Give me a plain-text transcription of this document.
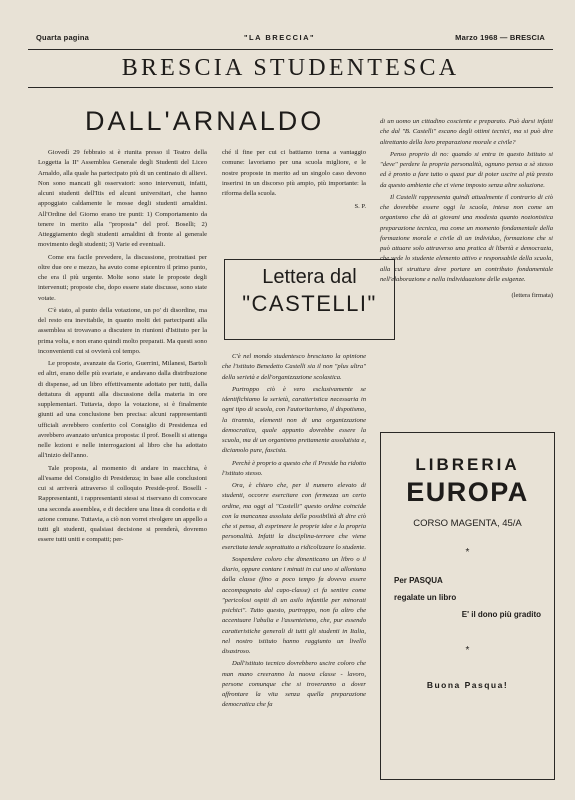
Quarta pagina	"LA BRECCIA"	Marzo 1968 — BRESCIA
BRESCIA STUDENTESCA
DALL'ARNALDO

Giovedì 29 febbraio si è riunita presso il Teatro della Loggetta la IIª Assemblea Generale degli Studenti del Liceo Arnaldo, alla quale ha partecipato più di un centinaio di allievi. Non sono mancati gli osservatori: sono intervenuti, infatti, alcuni studenti dell'Itis ed alcuni universitari, che hanno appoggiato caldamente le mosse degli studenti arnaldini. All'Ordine del Giorno erano tre punti: 1) Comportamento da tenere in merito alla "proposta" del prof. Boselli; 2) Atteggiamento degli studenti arnaldini di fronte al generale movimento degli studenti; 3) Varie ed eventuali.

Come era facile prevedere, la discussione, protrattasi per oltre due ore e mezzo, ha avuto come epicentro il primo punto, che era il più urgente. Molte sono state le proposte degli intervenuti; proposte che, dopo essere state discusse, sono state votate.

C'è stato, al punto della votazione, un po' di disordine, ma del resto era inevitabile, in quanto molti dei partecipanti alla assemblea si trovavano a discutere in riunioni d'Istituto per la prima volta, e non erano quindi molto preparati. Ma questi sono inconvenienti cui si ovvierà col tempo.

Le proposte, avanzate da Gorio, Guerrini, Milanesi, Bartoli ed altri, erano delle più svariate, e andavano dalla distribuzione di dispense, ad un libro effettivamente adottato per tutti, dalla dettatura di appunti alla discussione della materia in ore supplementari. Tuttavia, dopo la votazione, si è finalmente giunti ad una conclusione ben precisa: alcuni rappresentanti ufficiali avrebbero conferito col Consiglio di Presidenza ed avrebbero avanzato un'unica proposta: il prof. Boselli si attenga nelle lezioni e nelle interrogazioni al libro che ha adottato all'inizio dell'anno.

Tale proposta, al momento di andare in macchina, è all'esame del Consiglio di Presidenza; in base alle conclusioni cui si arriverà attraverso il colloquio Preside-prof. Boselli - Rappresentanti, i rappresentanti stessi si riservano di convocare una seconda assemblea, e di decidere una linea di condotta e di azione comune. Tuttavia, a ciò non vorrei rivolgere un appello a tutti gli studenti, qualsiasi decisione si prenderà, dovremo essere tutti uniti e compatti; per-

ché il fine per cui ci battiamo torna a vantaggio comune: lavoriamo per una scuola migliore, e le nostre proposte in merito ad un singolo caso devono inserirsi in un discorso più ampio, più importante: la riforma della scuola.

S. P.
Lettera dal
"CASTELLI"

C'è nel mondo studentesco bresciano la opinione che l'istituto Benedetto Castelli sia il non "plus ultra" della serietà e dell'organizzazione scolastica.

Purtroppo ciò è vero esclusivamente se identifichiamo la serietà, caratteristica necessaria in ogni tipo di scuola, con l'autoritarismo, il dispotismo, la tirannia, elementi non di una organizzazione democratica, quale appunto dovrebbe essere la scuola, ma di un organismo prettamente assolutista e, diciamolo pure, fascista.

Perchè è proprio a questo che il Preside ha ridotto l'istituto stesso.

Ora, è chiaro che, per il numero elevato di studenti, occorre esercitare con fermezza un certo ordine, ma oggi al "Castelli" questo ordine coincide con la mancanza assoluta della possibilità di dire ciò che si pensa, di esprimere le proprie idee e la propria personalità. Infatti la disciplina-terrore che viene esercitata tende soprattutto a ridicolizzare lo studente.

Sospendere coloro che dimenticano un libro o il diario, oppure contare i minuti in cui uno si allontana dalla classe (fino a poco tempo fa doveva essere accompagnato dal capo-classe) ci fa sentire come "pericolosi ospiti di un asilo infantile per minorati psichici". Tutto questo, purtroppo, non fa altro che accentuare l'abulia e l'assenteismo, che, pur essendo caratteristiche generali di tutti gli studenti in Italia, nel nostro istituto hanno raggiunto un livello disastroso.

Dall'istituto tecnico dovrebbero uscire coloro che man mano creeranno la nuova classe - lavoro, persone comunque che si troveranno a dover affrontare la vita senza quella preparazione democratica che fa

di un uomo un cittadino cosciente e preparato. Può darsi infatti che dal "B. Castelli" escano degli ottimi tecnici, ma si può dire altrettanto della loro preparazione morale e civile?

Penso proprio di no: quando si entra in questo Istituto si "deve" perdere la propria personalità, ognuno pensa a sè stesso ed è pronto a fare tutto o quasi pur di poter uscire al più presto da questo ambiente che ci viene imposto senza altre soluzione.

Il Castelli rappresenta quindi attualmente il contrario di ciò che dovrebbe essere oggi la scuola, intesa non come un organismo che dà ai giovani una modesta quanto nozionistica preparazione tecnica, ma come un momento fondamentale della formazione morale e civile di un individuo, formazione che si può attuare solo attraverso una pratica di libertà e democrazia, che vede lo studente elemento attivo e responsabile della scuola, alla cui struttura deve portare un contributo fondamentale nell'elaborazione e nella individuazione delle esigenze.

(lettera firmata)
LIBRERIA
EUROPA
CORSO MAGENTA, 45/A
*
Per PASQUA
regalate un libro
E' il dono più gradito
*
Buona Pasqua!
